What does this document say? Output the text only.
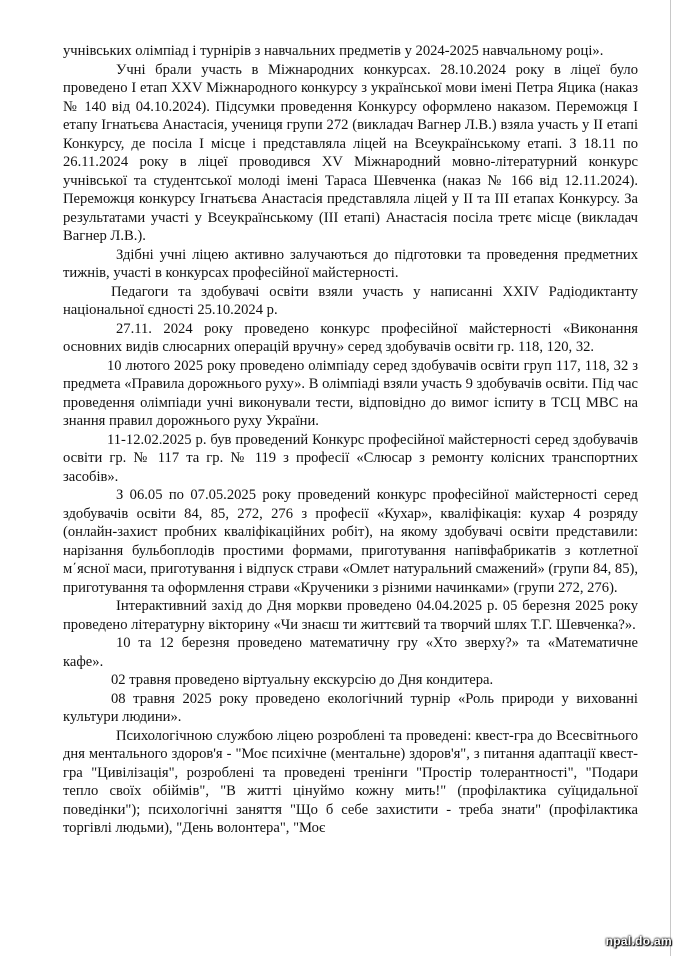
учнівських олімпіад і турнірів з навчальних предметів у 2024-2025 навчальному році».

Учні брали участь в Міжнародних конкурсах. 28.10.2024 року в ліцеї було проведено І етап XXV Міжнародного конкурсу з української мови імені Петра Яцика (наказ № 140 від 04.10.2024). Підсумки проведення Конкурсу оформлено наказом. Переможця І етапу Ігнатьєва Анастасія, учениця групи 272 (викладач Вагнер Л.В.) взяла участь у ІІ етапі Конкурсу, де посіла І місце і представляла ліцей на Всеукраїнському етапі. З 18.11 по 26.11.2024 року в ліцеї проводився XV Міжнародний мовно-літературний конкурс учнівської та студентської молоді імені Тараса Шевченка (наказ № 166 від 12.11.2024). Переможця конкурсу Ігнатьєва Анастасія представляла ліцей у ІІ та ІІІ етапах Конкурсу. За результатами участі у Всеукраїнському (ІІІ етапі) Анастасія посіла третє місце (викладач Вагнер Л.В.).

Здібні учні ліцею активно залучаються до підготовки та проведення предметних тижнів, участі в конкурсах професійної майстерності.

Педагоги та здобувачі освіти взяли участь у написанні XXІV Радіодиктанту національної єдності 25.10.2024 р.

27.11. 2024 року проведено конкурс професійної майстерності «Виконання основних видів слюсарних операцій вручну» серед здобувачів освіти гр. 118, 120, 32.

10 лютого 2025 року проведено олімпіаду серед здобувачів освіти груп 117, 118, 32 з предмета «Правила дорожнього руху». В олімпіаді взяли участь 9 здобувачів освіти. Під час проведення олімпіади учні виконували тести, відповідно до вимог іспиту в ТСЦ МВС на знання правил дорожнього руху України.

11-12.02.2025 р. був проведений Конкурс професійної майстерності серед здобувачів освіти гр. № 117 та гр. № 119 з професії «Слюсар з ремонту колісних транспортних засобів».

З 06.05 по 07.05.2025 року проведений конкурс професійної майстерності серед здобувачів освіти 84, 85, 272, 276 з професії «Кухар», кваліфікація: кухар 4 розряду (онлайн-захист пробних кваліфікаційних робіт), на якому здобувачі освіти представили: нарізання бульбоплодів простими формами, приготування напівфабрикатів з котлетної м΄ясної маси, приготування і відпуск страви «Омлет натуральний смажений» (групи 84, 85), приготування та оформлення страви «Крученики з різними начинками» (групи 272, 276).

Інтерактивний захід до Дня моркви проведено 04.04.2025 р. 05 березня 2025 року проведено літературну вікторину «Чи знаєш ти життєвий та творчий шлях Т.Г. Шевченка?».

10 та 12 березня проведено математичну гру «Хто зверху?» та «Математичне кафе».

02 травня проведено віртуальну екскурсію до Дня кондитера.

08 травня 2025 року проведено екологічний турнір «Роль природи у вихованні культури людини».

Психологічною службою ліцею розроблені та проведені: квест-гра до Всесвітнього дня ментального здоров'я - "Моє психічне (ментальне) здоров'я", з питання адаптації квест-гра "Цивілізація", розроблені та проведені тренінги "Простір толерантності", "Подари тепло своїх обіймів", "В житті цінуймо кожну мить!" (профілактика суїцидальної поведінки"); психологічні заняття "Що б себе захистити - треба знати" (профілактика торгівлі людьми), "День волонтера", "Моє

npal.do.am
